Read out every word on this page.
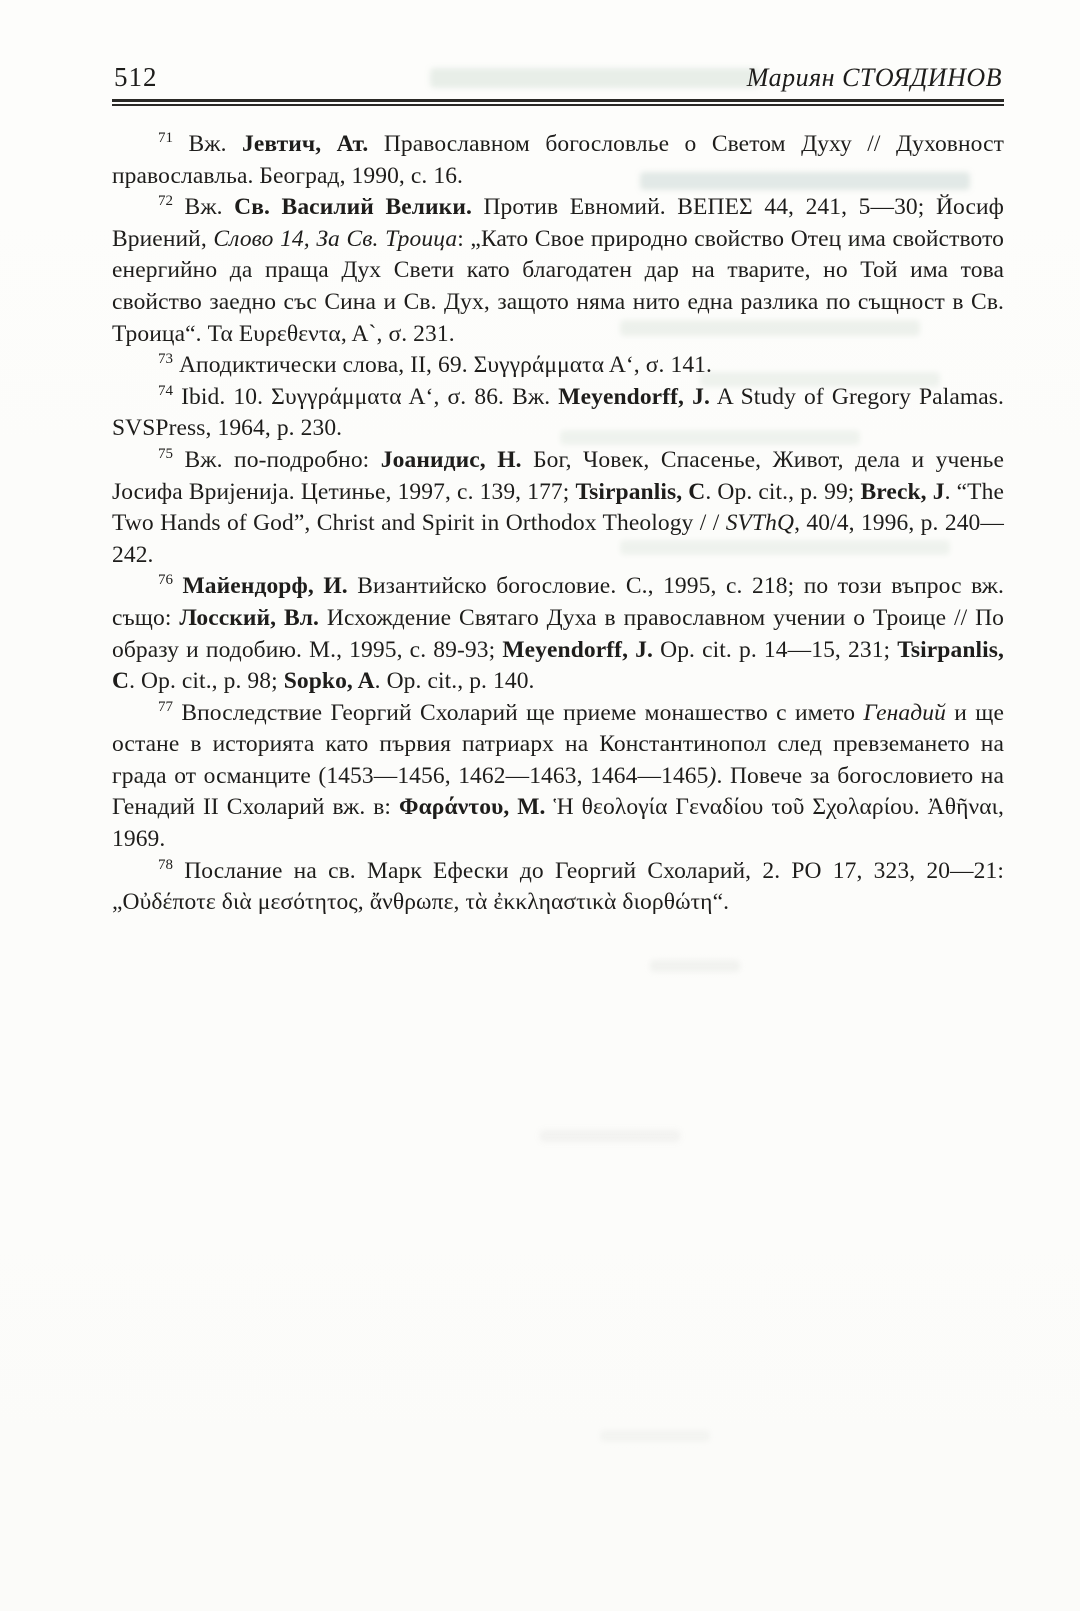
512	Мариян СТОЯДИНОВ

$^{71}$ Вж. Јевтич, Ат. Православном богословлье о Светом Духу // Духовност православльа. Београд, 1990, с. 16.

$^{72}$ Вж. Св. Василий Велики. Против Евномий. ВЕПЕΣ 44, 241, 5—30; Йосиф Вриений, Слово 14, За Св. Троица: „Като Свое природно свойство Отец има свойството енергийно да праща Дух Свети като благодатен дар на тварите, но Той има това свойство заедно със Сина и Св. Дух, защото няма нито една разлика по същност в Св. Троица“. Τα Ευρεθεντα, Α`, σ. 231.

$^{73}$ Аподиктически слова, II, 69. Συγγράμματα Α‘, σ. 141.

$^{74}$ Ibid. 10. Συγγράμματα Α‘, σ. 86. Вж. Meyendorff, J. A Study of Gregory Palamas. SVSPress, 1964, p. 230.

$^{75}$ Вж. по-подробно: Јоанидис, Н. Бог, Човек, Спасенье, Живот, дела и ученье Јосифа Вријенија. Цетинье, 1997, с. 139, 177; Tsirpanlis, C. Op. cit., p. 99; Breck, J. “The Two Hands of God”, Christ and Spirit in Orthodox Theology / / SVThQ, 40/4, 1996, p. 240—242.

$^{76}$ Майендорф, И. Византийско богословие. С., 1995, с. 218; по този въпрос вж. също: Лосский, Вл. Исхождение Святаго Духа в православном учении о Троице // По образу и подобию. М., 1995, с. 89-93; Meyendorff, J. Op. cit. p. 14—15, 231; Tsirpanlis, C. Op. cit., p. 98; Sopko, A. Op. cit., p. 140.

$^{77}$ Впоследствие Георгий Схоларий ще приеме монашество с името Генадий и ще остане в историята като първия патриарх на Константинопол след превземането на града от османците (1453—1456, 1462—1463, 1464—1465). Повече за богословието на Генадий II Схоларий вж. в: Φαράντου, Μ. Ἡ θεολογία Γεναδίου τοῦ Σχολαρίου. Ἀθῆναι, 1969.

$^{78}$ Послание на св. Марк Ефески до Георгий Схоларий, 2. PO 17, 323, 20—21: „Οὐδέποτε διὰ μεσότητος, ἄνθρωπε, τὰ ἐκκληαστικὰ διορθώτη“.
